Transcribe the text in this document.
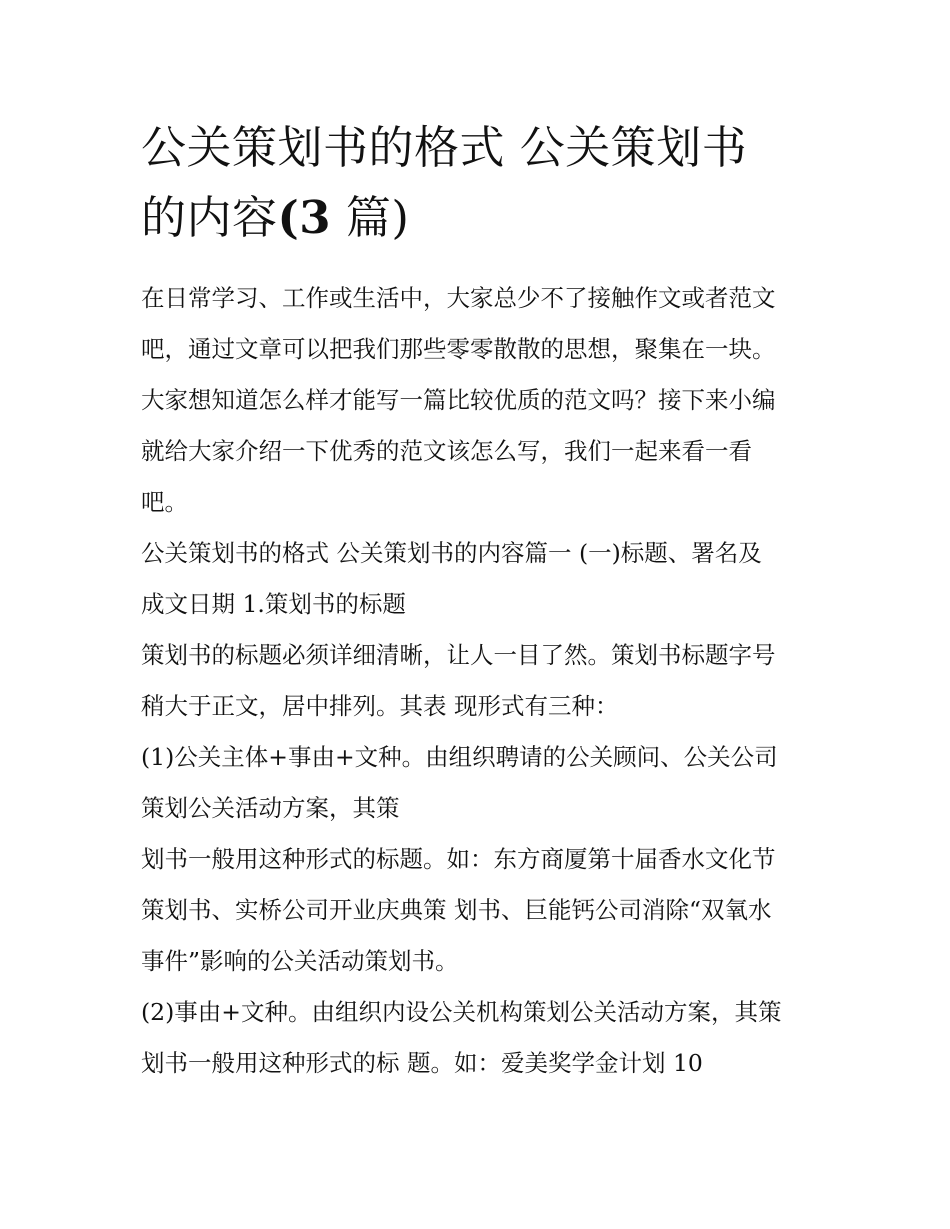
公关策划书的格式 公关策划书
的内容(3 篇)

在日常学习、工作或生活中，大家总少不了接触作文或者范文
吧，通过文章可以把我们那些零零散散的思想，聚集在一块。
大家想知道怎么样才能写一篇比较优质的范文吗？接下来小编
就给大家介绍一下优秀的范文该怎么写，我们一起来看一看
吧。

公关策划书的格式 公关策划书的内容篇一 (一)标题、署名及
成文日期 1.策划书的标题

策划书的标题必须详细清晰，让人一目了然。策划书标题字号
稍大于正文，居中排列。其表 现形式有三种：

(1)公关主体+事由+文种。由组织聘请的公关顾问、公关公司
策划公关活动方案，其策

划书一般用这种形式的标题。如：东方商厦第十届香水文化节
策划书、实桥公司开业庆典策 划书、巨能钙公司消除“双氧水
事件”影响的公关活动策划书。

(2)事由+文种。由组织内设公关机构策划公关活动方案，其策
划书一般用这种形式的标 题。如：爱美奖学金计划 10
